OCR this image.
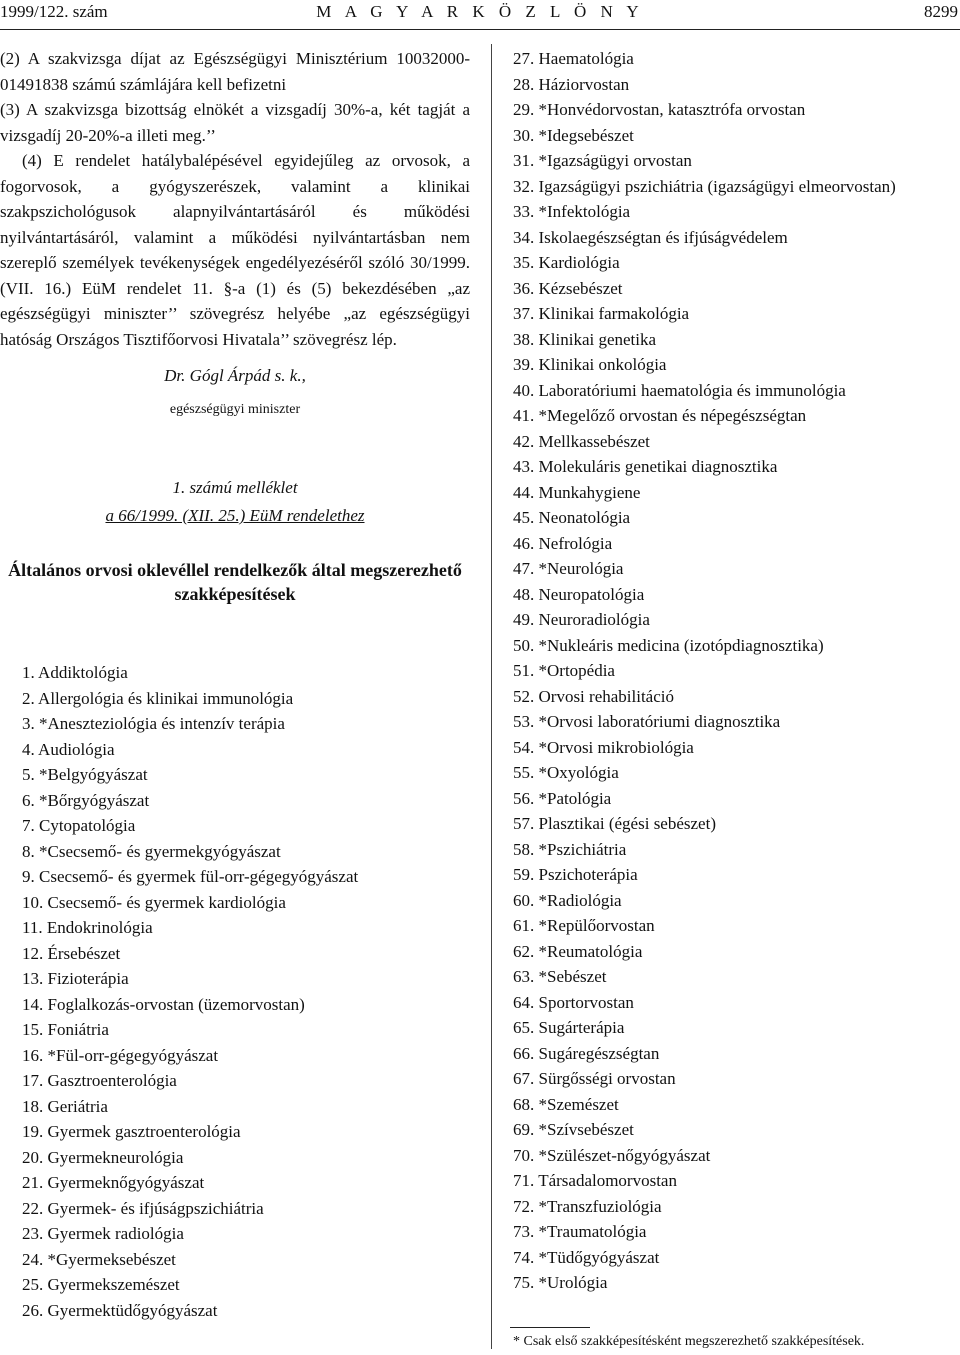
1999/122. szám	M A G Y A R K Ö Z L Ö N Y	8299

(2) A szakvizsga díjat az Egészségügyi Minisztérium 10032000-01491838 számú számlájára kell befizetni

(3) A szakvizsga bizottság elnökét a vizsgadíj 30%-a, két tagját a vizsgadíj 20-20%-a illeti meg.’’

(4) E rendelet hatálybalépésével egyidejűleg az orvosok, a fogorvosok, a gyógyszerészek, valamint a klinikai szakpszichológusok alapnyilvántartásáról és működési nyilvántartásáról, valamint a működési nyilvántartásban nem szereplő személyek tevékenységek engedélyezéséről szóló 30/1999. (VII. 16.) EüM rendelet 11. §-a (1) és (5) bekezdésében „az egészségügyi miniszter’’ szövegrész helyébe „az egészségügyi hatóság Országos Tisztifőorvosi Hivatala’’ szövegrész lép.

Dr. Gógl Árpád s. k.,
egészségügyi miniszter
1. számú melléklet
a 66/1999. (XII. 25.) EüM rendelethez
Általános orvosi oklevéllel rendelkezők által megszerezhető szakképesítések
1. Addiktológia
2. Allergológia és klinikai immunológia
3. *Aneszteziológia és intenzív terápia
4. Audiológia
5. *Belgyógyászat
6. *Bőrgyógyászat
7. Cytopatológia
8. *Csecsemő- és gyermekgyógyászat
9. Csecsemő- és gyermek fül-orr-gégegyógyászat
10. Csecsemő- és gyermek kardiológia
11. Endokrinológia
12. Érsebészet
13. Fizioterápia
14. Foglalkozás-orvostan (üzemorvostan)
15. Foniátria
16. *Fül-orr-gégegyógyászat
17. Gasztroenterológia
18. Geriátria
19. Gyermek gasztroenterológia
20. Gyermekneurológia
21. Gyermeknőgyógyászat
22. Gyermek- és ifjúságpszichiátria
23. Gyermek radiológia
24. *Gyermeksebészet
25. Gyermekszemészet
26. Gyermektüdőgyógyászat
27. Haematológia
28. Háziorvostan
29. *Honvédorvostan, katasztrófa orvostan
30. *Idegsebészet
31. *Igazságügyi orvostan
32. Igazságügyi pszichiátria (igazságügyi elmeorvostan)
33. *Infektológia
34. Iskolaegészségtan és ifjúságvédelem
35. Kardiológia
36. Kézsebészet
37. Klinikai farmakológia
38. Klinikai genetika
39. Klinikai onkológia
40. Laboratóriumi haematológia és immunológia
41. *Megelőző orvostan és népegészségtan
42. Mellkassebészet
43. Molekuláris genetikai diagnosztika
44. Munkahygiene
45. Neonatológia
46. Nefrológia
47. *Neurológia
48. Neuropatológia
49. Neuroradiológia
50. *Nukleáris medicina (izotópdiagnosztika)
51. *Ortopédia
52. Orvosi rehabilitáció
53. *Orvosi laboratóriumi diagnosztika
54. *Orvosi mikrobiológia
55. *Oxyológia
56. *Patológia
57. Plasztikai (égési sebészet)
58. *Pszichiátria
59. Pszichoterápia
60. *Radiológia
61. *Repülőorvostan
62. *Reumatológia
63. *Sebészet
64. Sportorvostan
65. Sugárterápia
66. Sugáregészségtan
67. Sürgősségi orvostan
68. *Szemészet
69. *Szívsebészet
70. *Szülészet-nőgyógyászat
71. Társadalomorvostan
72. *Transzfuziológia
73. *Traumatológia
74. *Tüdőgyógyászat
75. *Urológia
* Csak első szakképesítésként megszerezhető szakképesítések.
